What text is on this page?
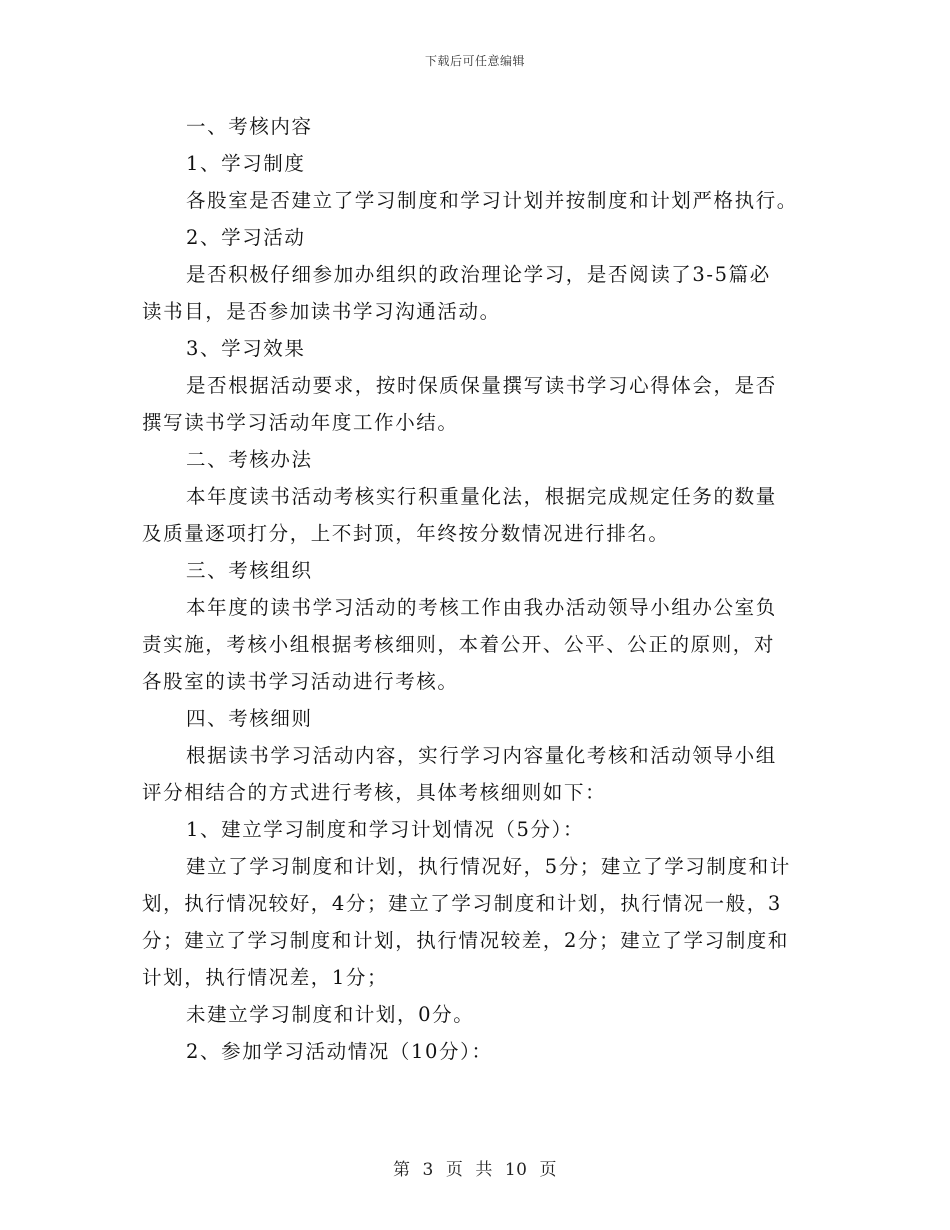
下载后可任意编辑
一、考核内容
1、学习制度
各股室是否建立了学习制度和学习计划并按制度和计划严格执行。
2、学习活动
是否积极仔细参加办组织的政治理论学习，是否阅读了3-5篇必
读书目，是否参加读书学习沟通活动。
3、学习效果
是否根据活动要求，按时保质保量撰写读书学习心得体会，是否
撰写读书学习活动年度工作小结。
二、考核办法
本年度读书活动考核实行积重量化法，根据完成规定任务的数量
及质量逐项打分，上不封顶，年终按分数情况进行排名。
三、考核组织
本年度的读书学习活动的考核工作由我办活动领导小组办公室负
责实施，考核小组根据考核细则，本着公开、公平、公正的原则，对
各股室的读书学习活动进行考核。
四、考核细则
根据读书学习活动内容，实行学习内容量化考核和活动领导小组
评分相结合的方式进行考核，具体考核细则如下：
1、建立学习制度和学习计划情况（5分）：
建立了学习制度和计划，执行情况好，5分；建立了学习制度和计
划，执行情况较好，4分；建立了学习制度和计划，执行情况一般，3
分；建立了学习制度和计划，执行情况较差，2分；建立了学习制度和
计划，执行情况差，1分；
未建立学习制度和计划，0分。
2、参加学习活动情况（10分）：
第 3 页 共 10 页
